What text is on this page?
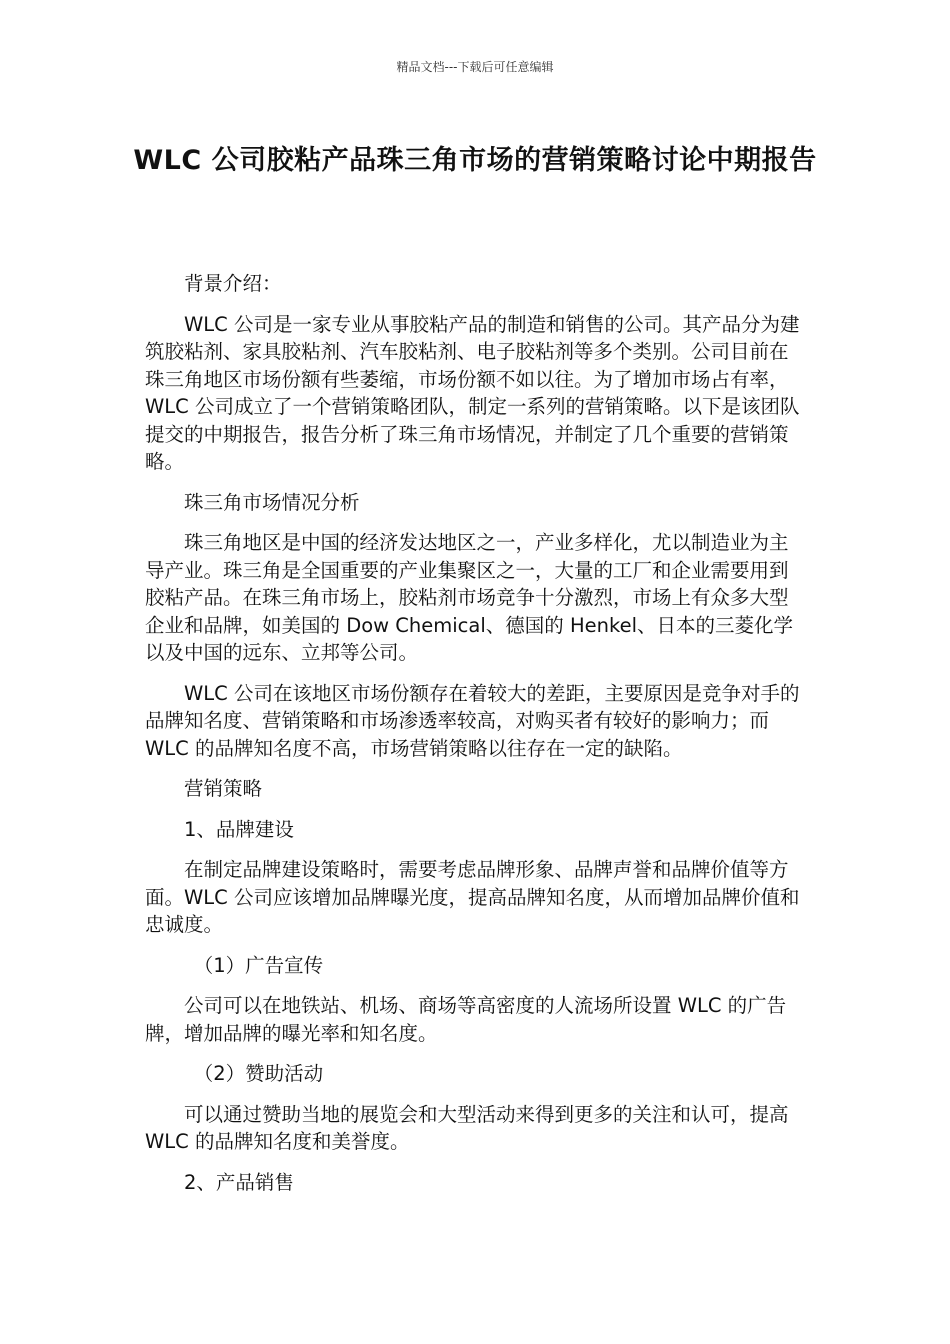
精品文档---下载后可任意编辑
WLC 公司胶粘产品珠三角市场的营销策略讨论中期报告

背景介绍：

WLC 公司是一家专业从事胶粘产品的制造和销售的公司。其产品分为建筑胶粘剂、家具胶粘剂、汽车胶粘剂、电子胶粘剂等多个类别。公司目前在珠三角地区市场份额有些萎缩，市场份额不如以往。为了增加市场占有率，WLC 公司成立了一个营销策略团队，制定一系列的营销策略。以下是该团队提交的中期报告，报告分析了珠三角市场情况，并制定了几个重要的营销策略。

珠三角市场情况分析

珠三角地区是中国的经济发达地区之一，产业多样化，尤以制造业为主导产业。珠三角是全国重要的产业集聚区之一，大量的工厂和企业需要用到胶粘产品。在珠三角市场上，胶粘剂市场竞争十分激烈，市场上有众多大型企业和品牌，如美国的 Dow Chemical、德国的 Henkel、日本的三菱化学以及中国的远东、立邦等公司。

WLC 公司在该地区市场份额存在着较大的差距，主要原因是竞争对手的品牌知名度、营销策略和市场渗透率较高，对购买者有较好的影响力；而 WLC 的品牌知名度不高，市场营销策略以往存在一定的缺陷。

营销策略

1、品牌建设

在制定品牌建设策略时，需要考虑品牌形象、品牌声誉和品牌价值等方面。WLC 公司应该增加品牌曝光度，提高品牌知名度，从而增加品牌价值和忠诚度。

（1）广告宣传

公司可以在地铁站、机场、商场等高密度的人流场所设置 WLC 的广告牌，增加品牌的曝光率和知名度。

（2）赞助活动

可以通过赞助当地的展览会和大型活动来得到更多的关注和认可，提高 WLC 的品牌知名度和美誉度。

2、产品销售
